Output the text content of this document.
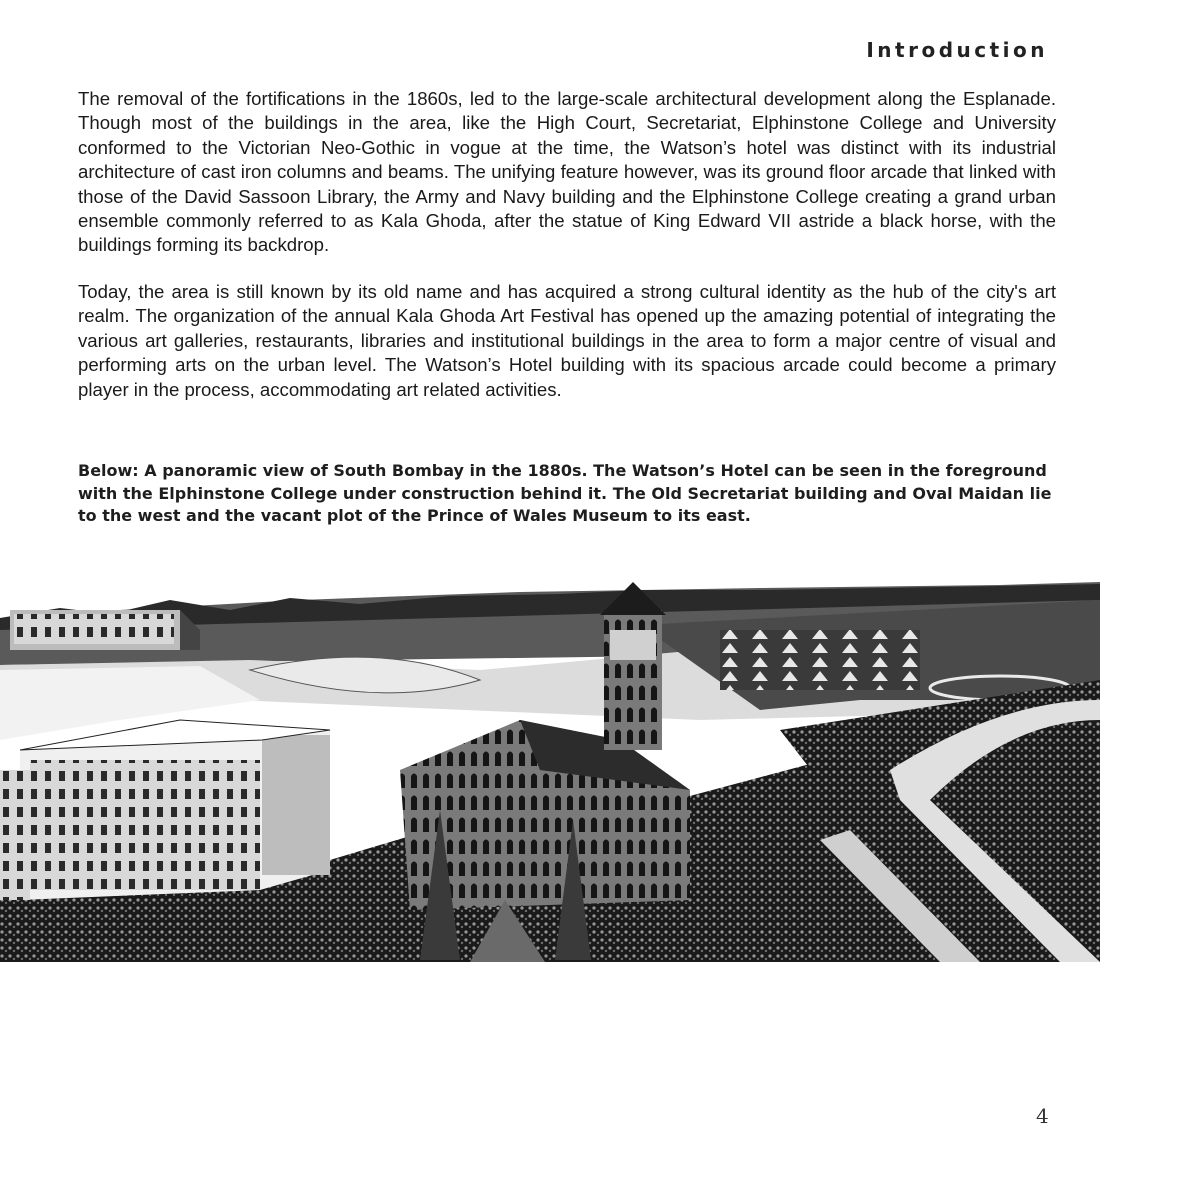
Introduction

The removal of the fortifications in the 1860s, led to the large-scale architectural development along the Esplanade. Though most of the buildings in the area, like the High Court, Secretariat, Elphinstone College and University conformed to the Victorian Neo-Gothic in vogue at the time, the Watson’s hotel was distinct with its industrial architecture of cast iron columns and beams. The unifying feature however, was its ground floor arcade that linked with those of the David Sassoon Library, the Army and Navy building and the Elphinstone College creating a grand urban ensemble commonly referred to as Kala Ghoda, after the statue of King Edward VII astride a black horse, with the buildings forming its backdrop.

Today, the area is still known by its old name and has acquired a strong cultural identity as the hub of the city's art realm. The organization of the annual Kala Ghoda Art Festival has opened up the amazing potential of integrating the various art galleries, restaurants, libraries and institutional buildings in the area to form a major centre of visual and performing arts on the urban level. The Watson’s Hotel building with its spacious arcade could become a primary player in the process, accommodating art related activities.

Below: A panoramic view of South Bombay in the 1880s. The Watson’s Hotel can be seen in the foreground with the Elphinstone College under construction behind it. The Old Secretariat building and Oval Maidan lie to the west and the vacant plot of the Prince of Wales Museum to its east.

4
